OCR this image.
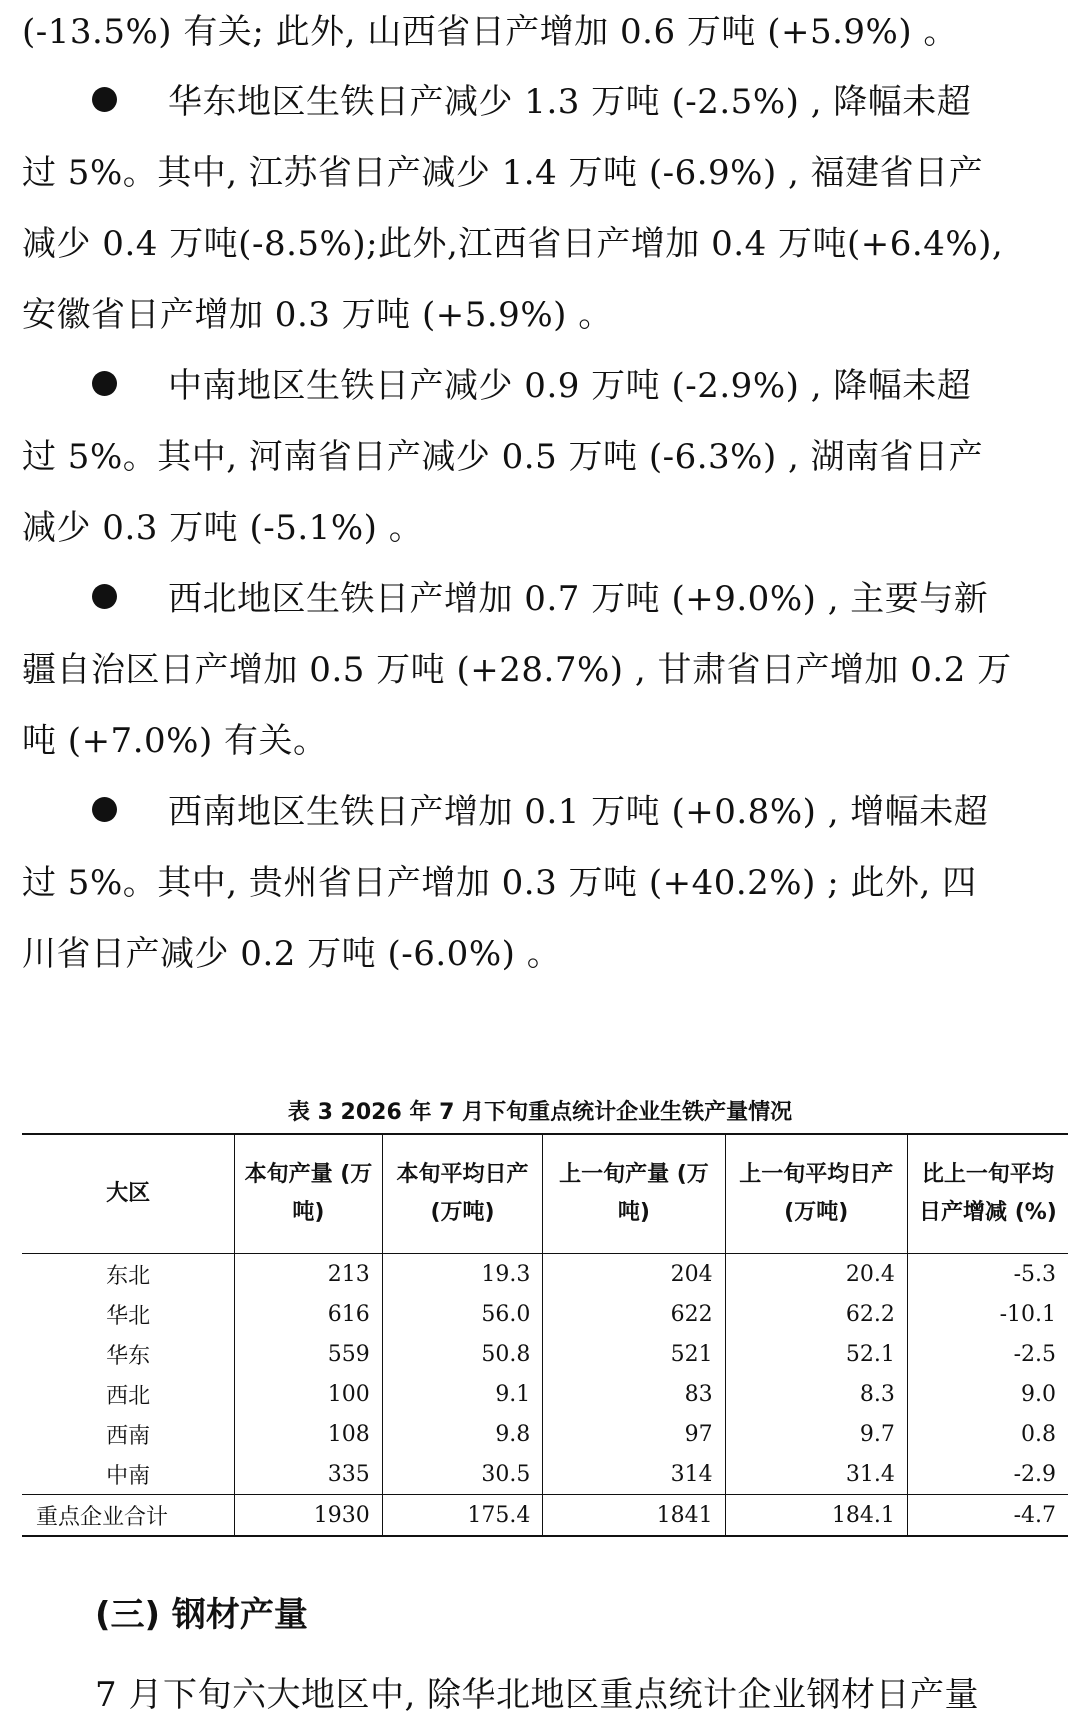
(-13.5%) 有关; 此外, 山西省日产增加 0.6 万吨 (+5.9%) 。
华东地区生铁日产减少 1.3 万吨 (-2.5%) , 降幅未超
过 5%。其中, 江苏省日产减少 1.4 万吨 (-6.9%) , 福建省日产
减少 0.4 万吨(-8.5%);此外,江西省日产增加 0.4 万吨(+6.4%),
安徽省日产增加 0.3 万吨 (+5.9%) 。
中南地区生铁日产减少 0.9 万吨 (-2.9%) , 降幅未超
过 5%。其中, 河南省日产减少 0.5 万吨 (-6.3%) , 湖南省日产
减少 0.3 万吨 (-5.1%) 。
西北地区生铁日产增加 0.7 万吨 (+9.0%) , 主要与新
疆自治区日产增加 0.5 万吨 (+28.7%) , 甘肃省日产增加 0.2 万
吨 (+7.0%) 有关。
西南地区生铁日产增加 0.1 万吨 (+0.8%) , 增幅未超
过 5%。其中, 贵州省日产增加 0.3 万吨 (+40.2%) ; 此外, 四
川省日产减少 0.2 万吨 (-6.0%) 。
表 3 2026 年 7 月下旬重点统计企业生铁产量情况
大区	本旬产量 (万吨)	本旬平均日产 (万吨)	上一旬产量 (万吨)	上一旬平均日产 (万吨)	比上一旬平均日产增减 (%)
东北	213	19.3	204	20.4	-5.3
华北	616	56.0	622	62.2	-10.1
华东	559	50.8	521	52.1	-2.5
西北	100	9.1	83	8.3	9.0
西南	108	9.8	97	9.7	0.8
中南	335	30.5	314	31.4	-2.9
重点企业合计	1930	175.4	1841	184.1	-4.7
(三) 钢材产量
7 月下旬六大地区中, 除华北地区重点统计企业钢材日产量
